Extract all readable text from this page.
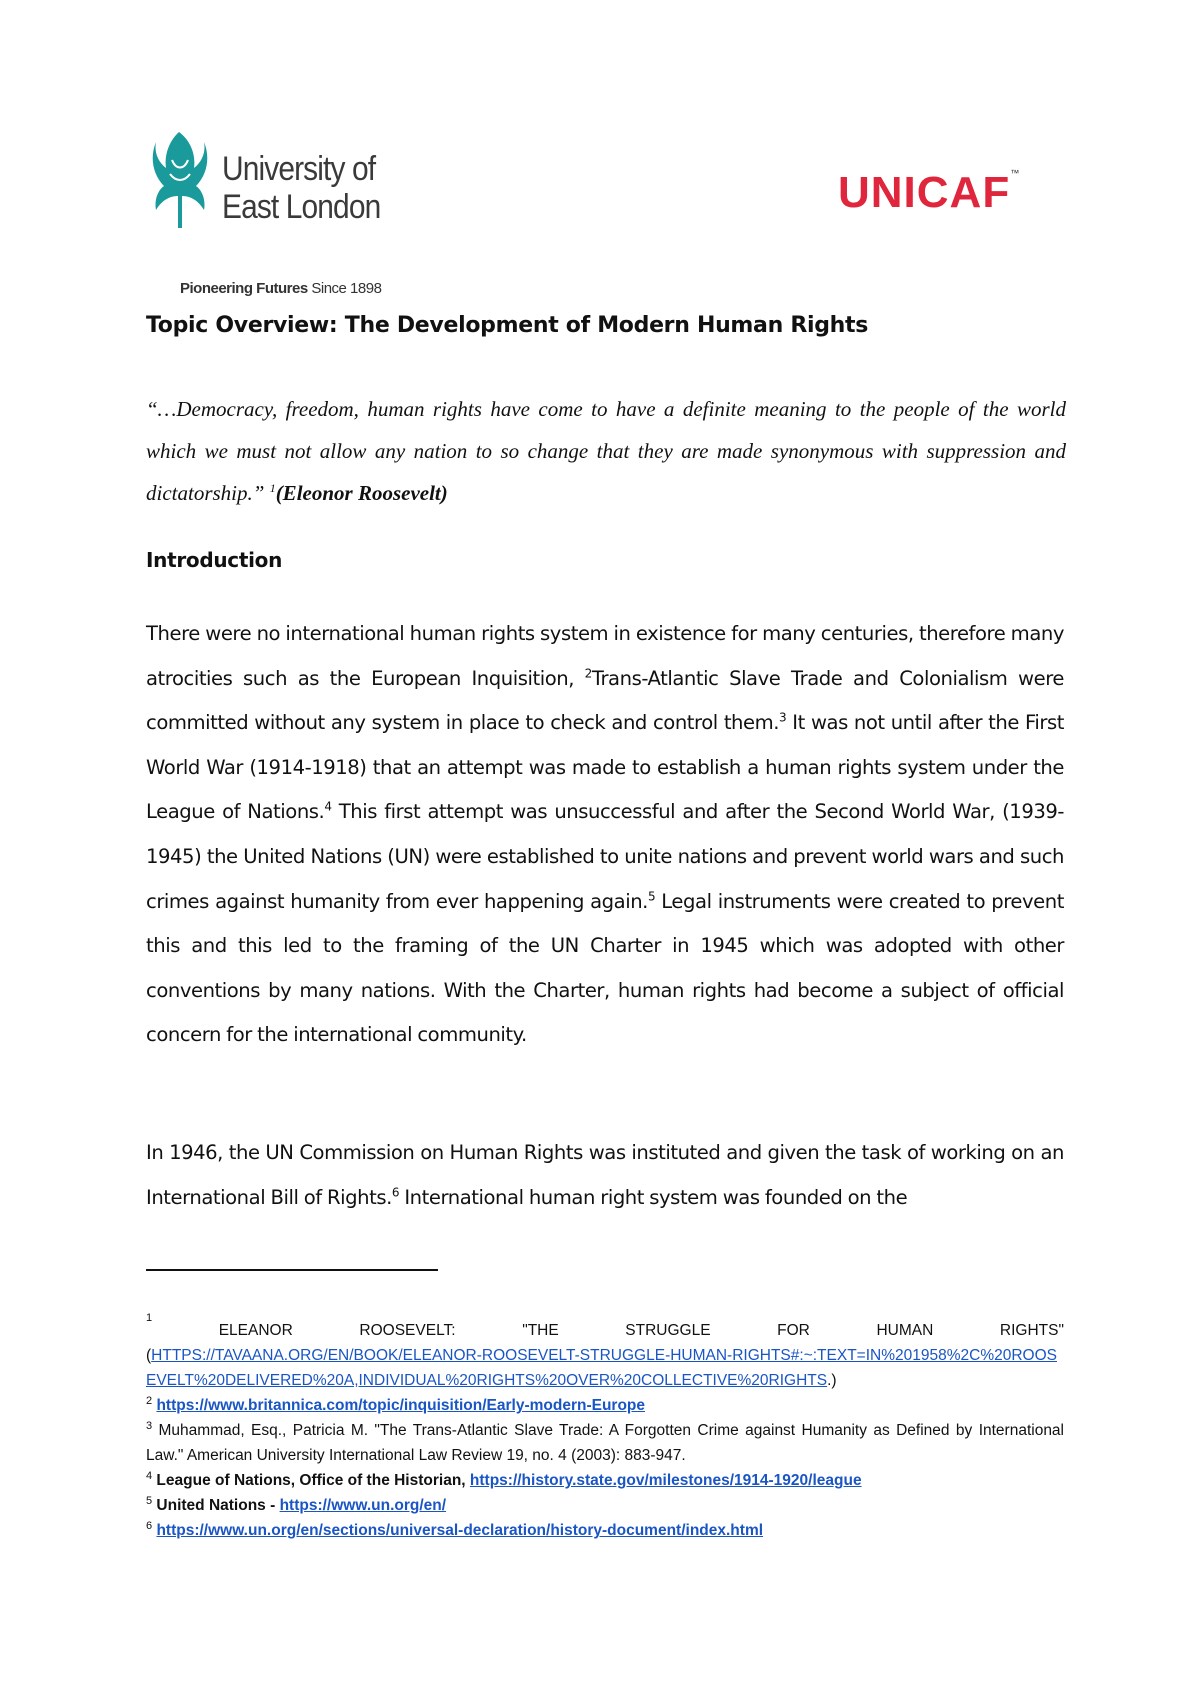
University of
East London
Pioneering Futures Since 1898
UNICAF™
Topic Overview: The Development of Modern Human Rights
“…Democracy, freedom, human rights have come to have a definite meaning to the people of the world which we must not allow any nation to so change that they are made synonymous with suppression and dictatorship.” $^1$(Eleonor Roosevelt)
Introduction
There were no international human rights system in existence for many centuries, therefore many atrocities such as the European Inquisition, $^2$Trans-Atlantic Slave Trade and Colonialism were committed without any system in place to check and control them.$^3$ It was not until after the First World War (1914-1918) that an attempt was made to establish a human rights system under the League of Nations.$^4$ This first attempt was unsuccessful and after the Second World War, (1939-1945) the United Nations (UN) were established to unite nations and prevent world wars and such crimes against humanity from ever happening again.$^5$ Legal instruments were created to prevent this and this led to the framing of the UN Charter in 1945 which was adopted with other conventions by many nations. With the Charter, human rights had become a subject of official concern for the international community.
In 1946, the UN Commission on Human Rights was instituted and given the task of working on an International Bill of Rights.$^6$ International human right system was founded on the
1
ELEANOR	ROOSEVELT:	"THE	STRUGGLE	FOR	HUMAN	RIGHTS"
(HTTPS://TAVAANA.ORG/EN/BOOK/ELEANOR-ROOSEVELT-STRUGGLE-HUMAN-RIGHTS#:~:TEXT=IN%201958%2C%20ROOSEVELT%20DELIVERED%20A,INDIVIDUAL%20RIGHTS%20OVER%20COLLECTIVE%20RIGHTS.)
$^2$ https://www.britannica.com/topic/inquisition/Early-modern-Europe
$^3$ Muhammad, Esq., Patricia M. "The Trans-Atlantic Slave Trade: A Forgotten Crime against Humanity as Defined by International Law." American University International Law Review 19, no. 4 (2003): 883-947.
$^4$ League of Nations, Office of the Historian, https://history.state.gov/milestones/1914-1920/league
$^5$ United Nations - https://www.un.org/en/
$^6$ https://www.un.org/en/sections/universal-declaration/history-document/index.html
